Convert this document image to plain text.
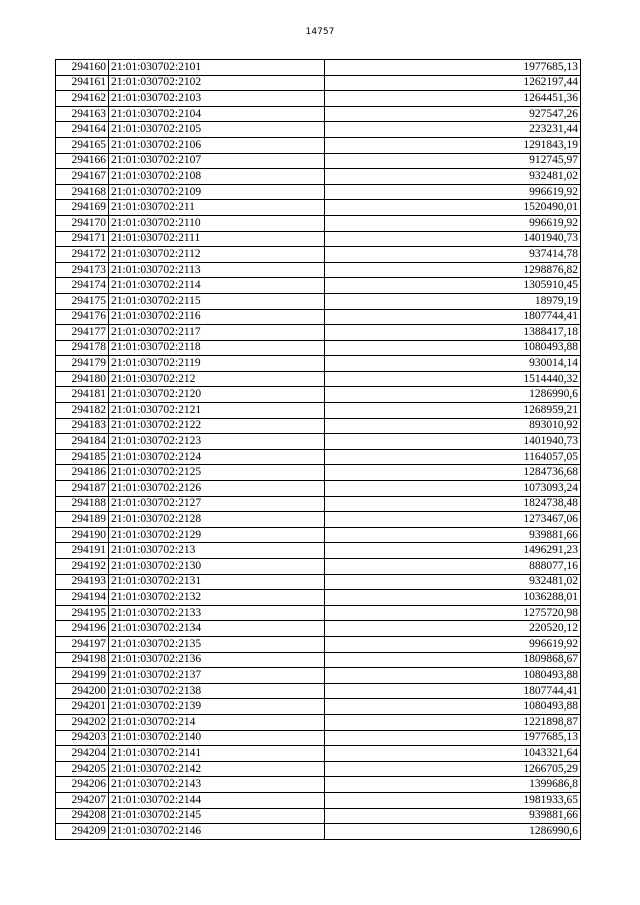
14757
294160	21:01:030702:2101	1977685,13
294161	21:01:030702:2102	1262197,44
294162	21:01:030702:2103	1264451,36
294163	21:01:030702:2104	927547,26
294164	21:01:030702:2105	223231,44
294165	21:01:030702:2106	1291843,19
294166	21:01:030702:2107	912745,97
294167	21:01:030702:2108	932481,02
294168	21:01:030702:2109	996619,92
294169	21:01:030702:211	1520490,01
294170	21:01:030702:2110	996619,92
294171	21:01:030702:2111	1401940,73
294172	21:01:030702:2112	937414,78
294173	21:01:030702:2113	1298876,82
294174	21:01:030702:2114	1305910,45
294175	21:01:030702:2115	18979,19
294176	21:01:030702:2116	1807744,41
294177	21:01:030702:2117	1388417,18
294178	21:01:030702:2118	1080493,88
294179	21:01:030702:2119	930014,14
294180	21:01:030702:212	1514440,32
294181	21:01:030702:2120	1286990,6
294182	21:01:030702:2121	1268959,21
294183	21:01:030702:2122	893010,92
294184	21:01:030702:2123	1401940,73
294185	21:01:030702:2124	1164057,05
294186	21:01:030702:2125	1284736,68
294187	21:01:030702:2126	1073093,24
294188	21:01:030702:2127	1824738,48
294189	21:01:030702:2128	1273467,06
294190	21:01:030702:2129	939881,66
294191	21:01:030702:213	1496291,23
294192	21:01:030702:2130	888077,16
294193	21:01:030702:2131	932481,02
294194	21:01:030702:2132	1036288,01
294195	21:01:030702:2133	1275720,98
294196	21:01:030702:2134	220520,12
294197	21:01:030702:2135	996619,92
294198	21:01:030702:2136	1809868,67
294199	21:01:030702:2137	1080493,88
294200	21:01:030702:2138	1807744,41
294201	21:01:030702:2139	1080493,88
294202	21:01:030702:214	1221898,87
294203	21:01:030702:2140	1977685,13
294204	21:01:030702:2141	1043321,64
294205	21:01:030702:2142	1266705,29
294206	21:01:030702:2143	1399686,8
294207	21:01:030702:2144	1981933,65
294208	21:01:030702:2145	939881,66
294209	21:01:030702:2146	1286990,6
